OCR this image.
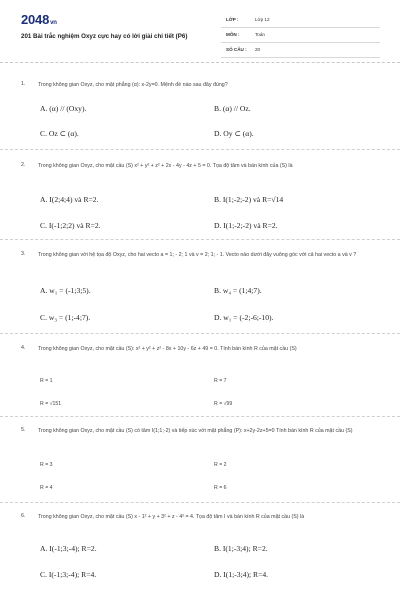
2048vn
201 Bài trắc nghiệm Oxyz cực hay có lời giải chi tiết (P6)
LỚP :	Lớp 12
MÔN :	Toán
SỐ CÂU : 20
1. Trong không gian Oxyz, cho mặt phẳng (α): x-2y=0. Mệnh đề nào sau đây đúng?
A. (α) // (Oxy).	B. (α) // Oz.
C. Oz ⊂ (α).	D. Oy ⊂ (α).
2. Trong không gian Oxyz, cho mặt cầu (S) x² + y² + z² + 2x - 4y - 4z + 5 = 0. Tọa độ tâm và bán kính của (S) là
A. I(2;4;4) và R=2.	B. I(1;-2;-2) và R=√14
C. I(-1;2;2) và R=2.	D. I(1;-2;-2) và R=2.
3. Trong không gian với hệ tọa độ Oxyz, cho hai vecto a = 1; - 2; 1 và v = 2; 1; - 1. Vecto nào dưới đây vuông góc với cả hai vecto a và v ?
A. w₁ = (-1;3;5).	B. w₄ = (1;4;7).
C. w₃ = (1;-4;7).	D. w₁ = (-2;-6;-10).
4. Trong không gian Oxyz, cho mặt cầu (S): x² + y² + z² - 8x + 10y - 6z + 49 = 0. Tính bán kính R của mặt cầu (S)
R = 1	R = 7
R = √151	R = √99
5. Trong không gian Oxyz, cho mặt cầu (S) có tâm I(1;1;-2) và tiếp xúc với mặt phẳng (P): x+2y-2z+5=0 Tính bán kính R của mặt cầu (S)
R = 3	R = 2
R = 4	R = 6
6. Trong không gian Oxyz, cho mặt cầu (S) x - 1² + y + 3² + z - 4² = 4. Tọa độ tâm I và bán kính R của mặt cầu (S) là
A. I(-1;3;-4); R=2.	B. I(1;-3;4); R=2.
C. I(-1;3;-4); R=4.	D. I(1;-3;4); R=4.
